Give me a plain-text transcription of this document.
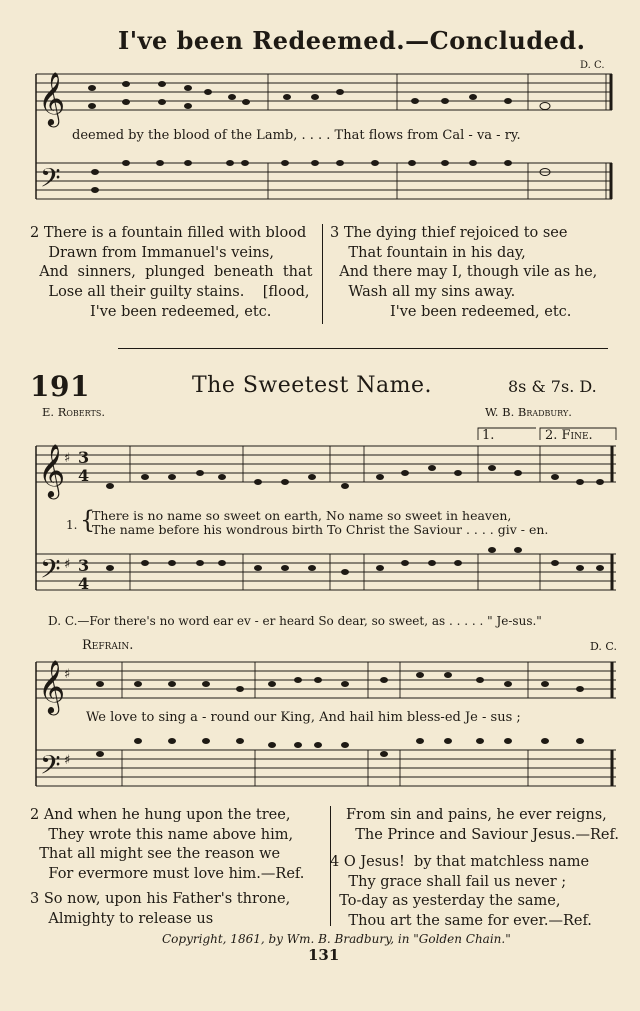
I've been Redeemed.—Concluded.
D. C.
𝄞
𝄢
deemed by the blood of the Lamb, . . . . That flows from Cal - va - ry.
2 There is a fountain filled with blood
Drawn from Immanuel's veins,
And  sinners,  plunged  beneath  that
Lose all their guilty stains.    [flood,
I've been redeemed, etc.
3 The dying thief rejoiced to see
That fountain in his day,
And there may I, though vile as he,
Wash all my sins away.
I've been redeemed, etc.
191	The Sweetest Name.	8s & 7s. D.
E. Roberts.	W. B. Bradbury.
𝄞
♯ 3
4
𝄢 ♯ 3
4
1.	2. Fine.
1. {
There is no name so sweet on earth, No name so sweet in heaven,
The name before his wondrous birth To Christ the Saviour . . . . giv - en.
D. C.—For there's no word ear ev - er heard So dear, so sweet, as . . . . . " Je-sus."
Refrain.	D. C.
𝄞
♯
𝄢 ♯
We love to sing a - round our King, And hail him bless-ed Je - sus ;
2 And when he hung upon the tree,
They wrote this name above him,
That all might see the reason we
For evermore must love him.—Ref.
3 So now, upon his Father's throne,
Almighty to release us
From sin and pains, he ever reigns,
The Prince and Saviour Jesus.—Ref.
4 O Jesus!  by that matchless name
Thy grace shall fail us never ;
To-day as yesterday the same,
Thou art the same for ever.—Ref.
Copyright, 1861, by Wm. B. Bradbury, in "Golden Chain."
131
